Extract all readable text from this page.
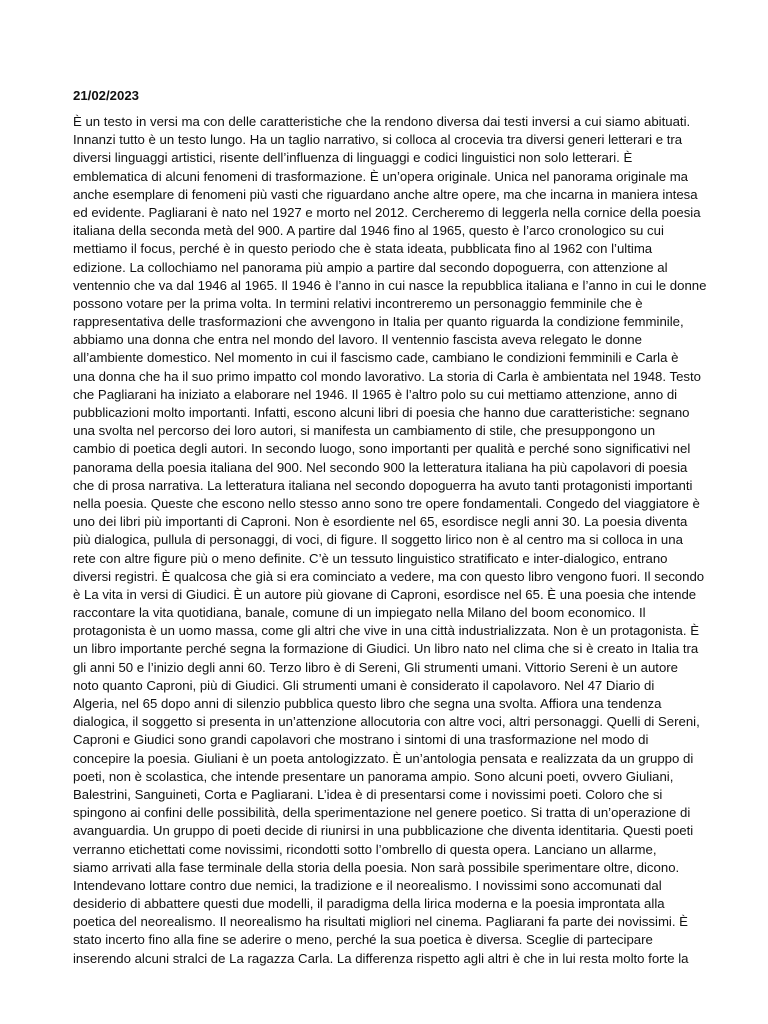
21/02/2023
È un testo in versi ma con delle caratteristiche che la rendono diversa dai testi inversi a cui siamo abituati.
Innanzi tutto è un testo lungo. Ha un taglio narrativo, si colloca al crocevia tra diversi generi letterari e tra
diversi linguaggi artistici, risente dell’influenza di linguaggi e codici linguistici non solo letterari. È
emblematica di alcuni fenomeni di trasformazione. È un’opera originale. Unica nel panorama originale ma
anche esemplare di fenomeni più vasti che riguardano anche altre opere, ma che incarna in maniera intesa
ed evidente. Pagliarani è nato nel 1927 e morto nel 2012. Cercheremo di leggerla nella cornice della poesia
italiana della seconda metà del 900. A partire dal 1946 fino al 1965, questo è l’arco cronologico su cui
mettiamo il focus, perché è in questo periodo che è stata ideata, pubblicata fino al 1962 con l’ultima
edizione. La collochiamo nel panorama più ampio a partire dal secondo dopoguerra, con attenzione al
ventennio che va dal 1946 al 1965. Il 1946 è l’anno in cui nasce la repubblica italiana e l’anno in cui le donne
possono votare per la prima volta. In termini relativi incontreremo un personaggio femminile che è
rappresentativa delle trasformazioni che avvengono in Italia per quanto riguarda la condizione femminile,
abbiamo una donna che entra nel mondo del lavoro. Il ventennio fascista aveva relegato le donne
all’ambiente domestico. Nel momento in cui il fascismo cade, cambiano le condizioni femminili e Carla è
una donna che ha il suo primo impatto col mondo lavorativo. La storia di Carla è ambientata nel 1948. Testo
che Pagliarani ha iniziato a elaborare nel 1946. Il 1965 è l’altro polo su cui mettiamo attenzione, anno di
pubblicazioni molto importanti. Infatti, escono alcuni libri di poesia che hanno due caratteristiche: segnano
una svolta nel percorso dei loro autori, si manifesta un cambiamento di stile, che presuppongono un
cambio di poetica degli autori. In secondo luogo, sono importanti per qualità e perché sono significativi nel
panorama della poesia italiana del 900. Nel secondo 900 la letteratura italiana ha più capolavori di poesia
che di prosa narrativa. La letteratura italiana nel secondo dopoguerra ha avuto tanti protagonisti importanti
nella poesia. Queste che escono nello stesso anno sono tre opere fondamentali. Congedo del viaggiatore è
uno dei libri più importanti di Caproni. Non è esordiente nel 65, esordisce negli anni 30. La poesia diventa
più dialogica, pullula di personaggi, di voci, di figure. Il soggetto lirico non è al centro ma si colloca in una
rete con altre figure più o meno definite. C’è un tessuto linguistico stratificato e inter-dialogico, entrano
diversi registri. È qualcosa che già si era cominciato a vedere, ma con questo libro vengono fuori. Il secondo
è La vita in versi di Giudici. È un autore più giovane di Caproni, esordisce nel 65. È una poesia che intende
raccontare la vita quotidiana, banale, comune di un impiegato nella Milano del boom economico. Il
protagonista è un uomo massa, come gli altri che vive in una città industrializzata. Non è un protagonista. È
un libro importante perché segna la formazione di Giudici. Un libro nato nel clima che si è creato in Italia tra
gli anni 50 e l’inizio degli anni 60. Terzo libro è di Sereni, Gli strumenti umani. Vittorio Sereni è un autore
noto quanto Caproni, più di Giudici. Gli strumenti umani è considerato il capolavoro. Nel 47 Diario di
Algeria, nel 65 dopo anni di silenzio pubblica questo libro che segna una svolta. Affiora una tendenza
dialogica, il soggetto si presenta in un’attenzione allocutoria con altre voci, altri personaggi. Quelli di Sereni,
Caproni e Giudici sono grandi capolavori che mostrano i sintomi di una trasformazione nel modo di
concepire la poesia. Giuliani è un poeta antologizzato. È un’antologia pensata e realizzata da un gruppo di
poeti, non è scolastica, che intende presentare un panorama ampio. Sono alcuni poeti, ovvero Giuliani,
Balestrini, Sanguineti, Corta e Pagliarani. L’idea è di presentarsi come i novissimi poeti. Coloro che si
spingono ai confini delle possibilità, della sperimentazione nel genere poetico. Si tratta di un’operazione di
avanguardia. Un gruppo di poeti decide di riunirsi in una pubblicazione che diventa identitaria. Questi poeti
verranno etichettati come novissimi, ricondotti sotto l’ombrello di questa opera. Lanciano un allarme,
siamo arrivati alla fase terminale della storia della poesia. Non sarà possibile sperimentare oltre, dicono.
Intendevano lottare contro due nemici, la tradizione e il neorealismo. I novissimi sono accomunati dal
desiderio di abbattere questi due modelli, il paradigma della lirica moderna e la poesia improntata alla
poetica del neorealismo. Il neorealismo ha risultati migliori nel cinema. Pagliarani fa parte dei novissimi. È
stato incerto fino alla fine se aderire o meno, perché la sua poetica è diversa. Sceglie di partecipare
inserendo alcuni stralci de La ragazza Carla. La differenza rispetto agli altri è che in lui resta molto forte la
